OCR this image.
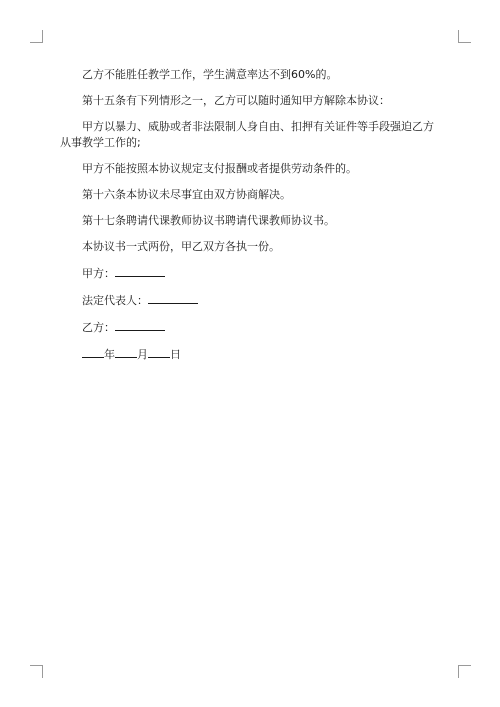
乙方不能胜任教学工作，学生满意率达不到60%的。

第十五条有下列情形之一，乙方可以随时通知甲方解除本协议：

甲方以暴力、威胁或者非法限制人身自由、扣押有关证件等手段强迫乙方从事教学工作的;

甲方不能按照本协议规定支付报酬或者提供劳动条件的。

第十六条本协议未尽事宜由双方协商解决。

第十七条聘请代课教师协议书聘请代课教师协议书。

本协议书一式两份，甲乙双方各执一份。

甲方：

法定代表人：

乙方：

年 月 日
